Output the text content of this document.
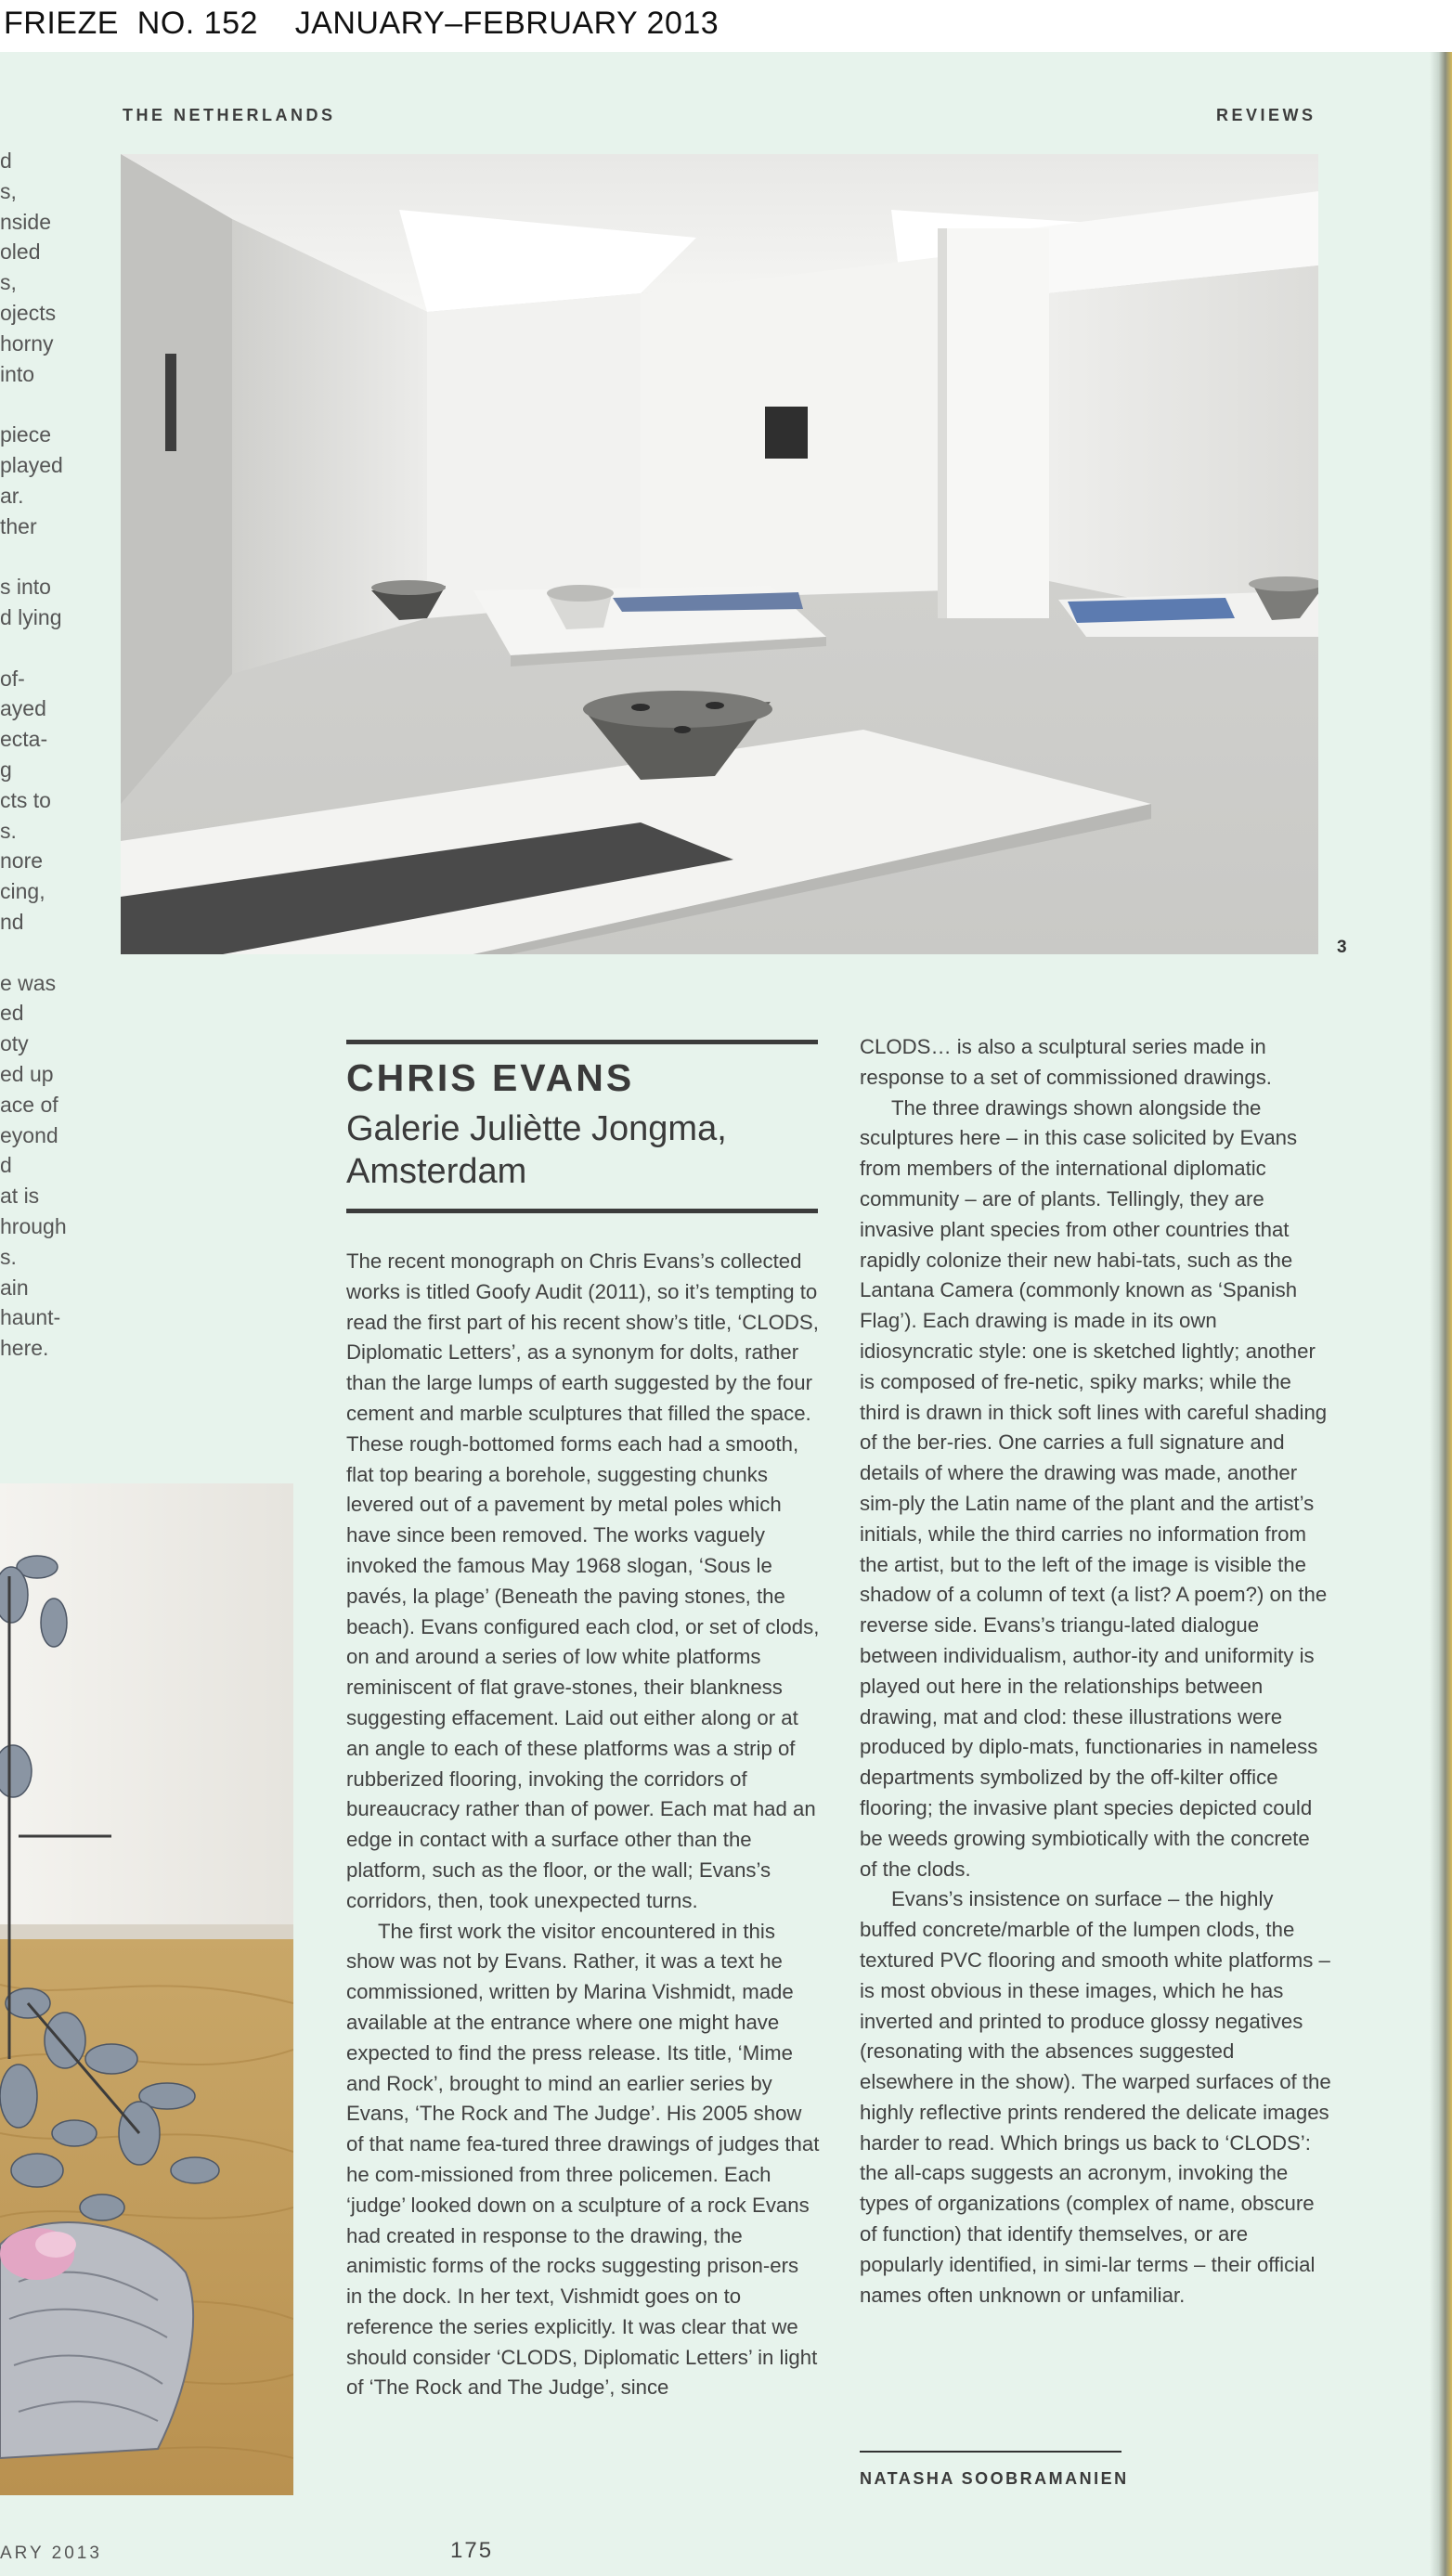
FRIEZE  NO. 152    JANUARY–FEBRUARY 2013
d
s,
nside
oled
s,
ojects
horny
into
piece
played
ar.
ther
s into
d lying
of-
ayed
ecta-
g
cts to
s.
nore
cing,
nd
e was
ed
oty
ed up
ace of
eyond
d
at is
hrough
s.
ain
haunt-
here.
ARY 2013
THE NETHERLANDS	REVIEWS
3
CHRIS EVANS
Galerie Juliètte Jongma, Amsterdam

The recent monograph on Chris Evans’s collected works is titled Goofy Audit (2011), so it’s tempting to read the first part of his recent show’s title, ‘CLODS, Diplomatic Letters’, as a synonym for dolts, rather than the large lumps of earth suggested by the four cement and marble sculptures that filled the space. These rough-bottomed forms each had a smooth, flat top bearing a borehole, suggesting chunks levered out of a pavement by metal poles which have since been removed. The works vaguely invoked the famous May 1968 slogan, ‘Sous le pavés, la plage’ (Beneath the paving stones, the beach). Evans configured each clod, or set of clods, on and around a series of low white platforms reminiscent of flat grave-stones, their blankness suggesting effacement. Laid out either along or at an angle to each of these platforms was a strip of rubberized flooring, invoking the corridors of bureaucracy rather than of power. Each mat had an edge in contact with a surface other than the platform, such as the floor, or the wall; Evans’s corridors, then, took unexpected turns.

The first work the visitor encountered in this show was not by Evans. Rather, it was a text he commissioned, written by Marina Vishmidt, made available at the entrance where one might have expected to find the press release. Its title, ‘Mime and Rock’, brought to mind an earlier series by Evans, ‘The Rock and The Judge’. His 2005 show of that name fea-tured three drawings of judges that he com-missioned from three policemen. Each ‘judge’ looked down on a sculpture of a rock Evans had created in response to the drawing, the animistic forms of the rocks suggesting prison-ers in the dock. In her text, Vishmidt goes on to reference the series explicitly. It was clear that we should consider ‘CLODS, Diplomatic Letters’ in light of ‘The Rock and The Judge’, since

CLODS… is also a sculptural series made in response to a set of commissioned drawings.

The three drawings shown alongside the sculptures here – in this case solicited by Evans from members of the international diplomatic community – are of plants. Tellingly, they are invasive plant species from other countries that rapidly colonize their new habi-tats, such as the Lantana Camera (commonly known as ‘Spanish Flag’). Each drawing is made in its own idiosyncratic style: one is sketched lightly; another is composed of fre-netic, spiky marks; while the third is drawn in thick soft lines with careful shading of the ber-ries. One carries a full signature and details of where the drawing was made, another sim-ply the Latin name of the plant and the artist’s initials, while the third carries no information from the artist, but to the left of the image is visible the shadow of a column of text (a list? A poem?) on the reverse side. Evans’s triangu-lated dialogue between individualism, author-ity and uniformity is played out here in the relationships between drawing, mat and clod: these illustrations were produced by diplo-mats, functionaries in nameless departments symbolized by the off-kilter office flooring; the invasive plant species depicted could be weeds growing symbiotically with the concrete of the clods.

Evans’s insistence on surface – the highly buffed concrete/marble of the lumpen clods, the textured PVC flooring and smooth white platforms – is most obvious in these images, which he has inverted and printed to produce glossy negatives (resonating with the absences suggested elsewhere in the show). The warped surfaces of the highly reflective prints rendered the delicate images harder to read. Which brings us back to ‘CLODS’: the all-caps suggests an acronym, invoking the types of organizations (complex of name, obscure of function) that identify themselves, or are popularly identified, in simi-lar terms – their official names often unknown or unfamiliar.

NATASHA SOOBRAMANIEN
175
